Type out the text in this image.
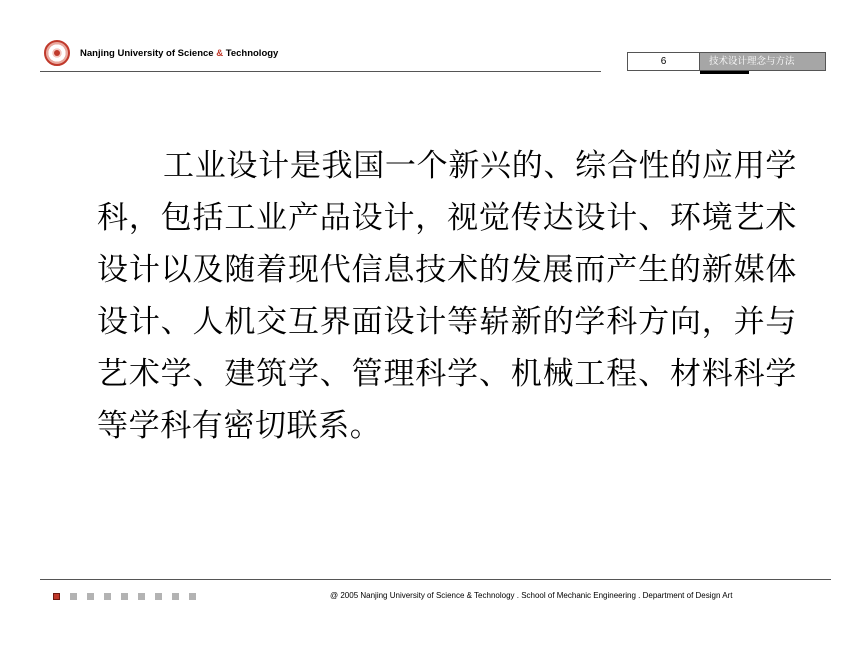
Nanjing University of Science & Technology
6	技术设计理念与方法

工业设计是我国一个新兴的、综合性的应用学科，包括工业产品设计，视觉传达设计、环境艺术设计以及随着现代信息技术的发展而产生的新媒体设计、人机交互界面设计等崭新的学科方向，并与艺术学、建筑学、管理科学、机械工程、材料科学等学科有密切联系。

@ 2005 Nanjing University of Science & Technology . School of Mechanic Engineering . Department of Design Art
